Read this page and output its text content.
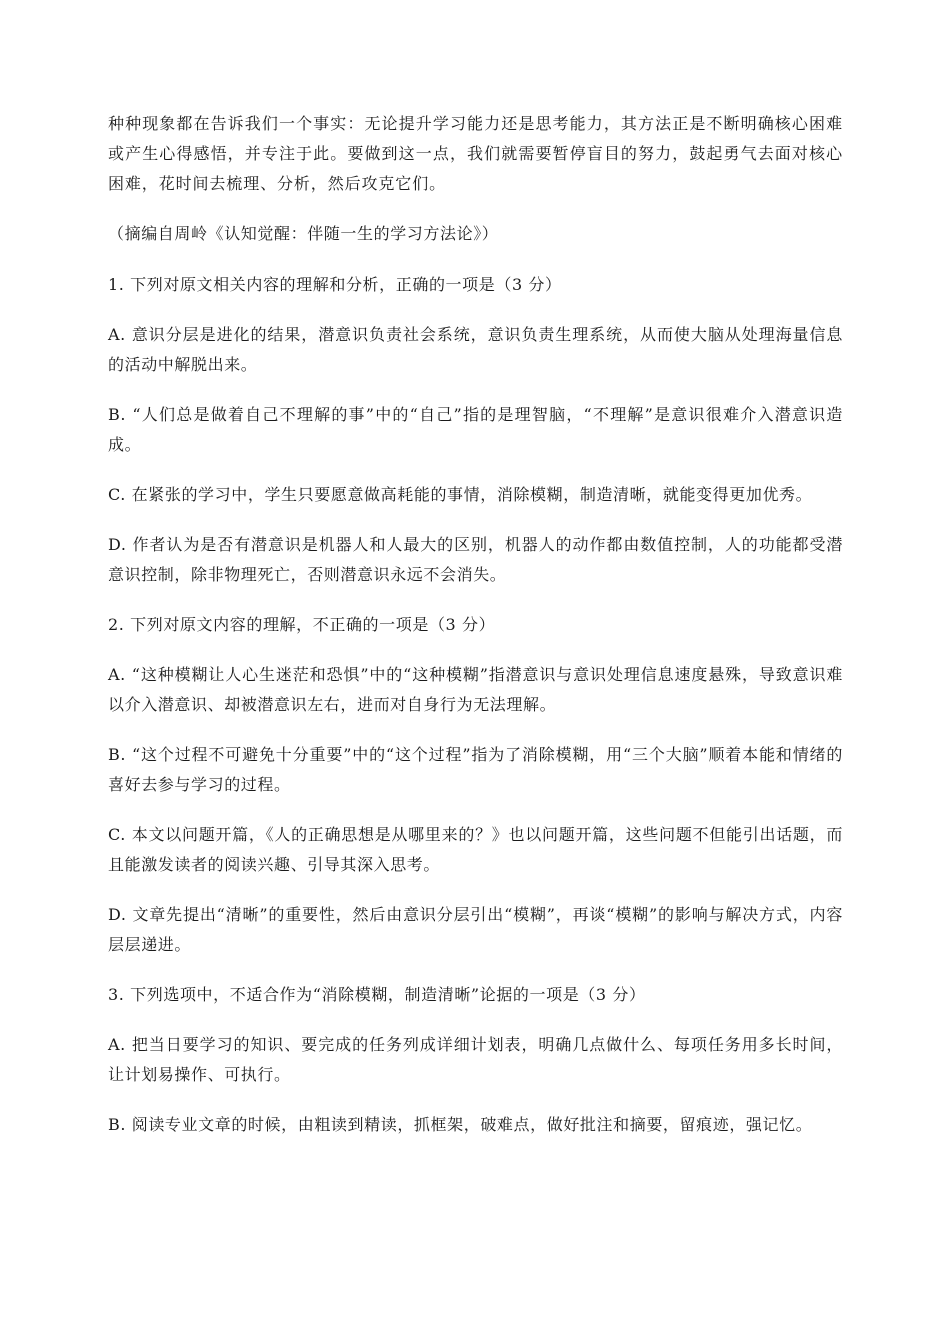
种种现象都在告诉我们一个事实：无论提升学习能力还是思考能力，其方法正是不断明确核心困难或产生心得感悟，并专注于此。要做到这一点，我们就需要暂停盲目的努力，鼓起勇气去面对核心困难，花时间去梳理、分析，然后攻克它们。

（摘编自周岭《认知觉醒：伴随一生的学习方法论》）

1. 下列对原文相关内容的理解和分析，正确的一项是（3 分）

A. 意识分层是进化的结果，潜意识负责社会系统，意识负责生理系统，从而使大脑从处理海量信息的活动中解脱出来。

B. “人们总是做着自己不理解的事”中的“自己”指的是理智脑，“不理解”是意识很难介入潜意识造成。

C. 在紧张的学习中，学生只要愿意做高耗能的事情，消除模糊，制造清晰，就能变得更加优秀。

D. 作者认为是否有潜意识是机器人和人最大的区别，机器人的动作都由数值控制，人的功能都受潜意识控制，除非物理死亡，否则潜意识永远不会消失。

2. 下列对原文内容的理解，不正确的一项是（3 分）

A. “这种模糊让人心生迷茫和恐惧”中的“这种模糊”指潜意识与意识处理信息速度悬殊，导致意识难以介入潜意识、却被潜意识左右，进而对自身行为无法理解。

B. “这个过程不可避免十分重要”中的“这个过程”指为了消除模糊，用“三个大脑”顺着本能和情绪的喜好去参与学习的过程。

C. 本文以问题开篇，《人的正确思想是从哪里来的？》也以问题开篇，这些问题不但能引出话题，而且能激发读者的阅读兴趣、引导其深入思考。

D. 文章先提出“清晰”的重要性，然后由意识分层引出“模糊”，再谈“模糊”的影响与解决方式，内容层层递进。

3. 下列选项中，不适合作为“消除模糊，制造清晰”论据的一项是（3 分）

A. 把当日要学习的知识、要完成的任务列成详细计划表，明确几点做什么、每项任务用多长时间，让计划易操作、可执行。

B. 阅读专业文章的时候，由粗读到精读，抓框架，破难点，做好批注和摘要，留痕迹，强记忆。
